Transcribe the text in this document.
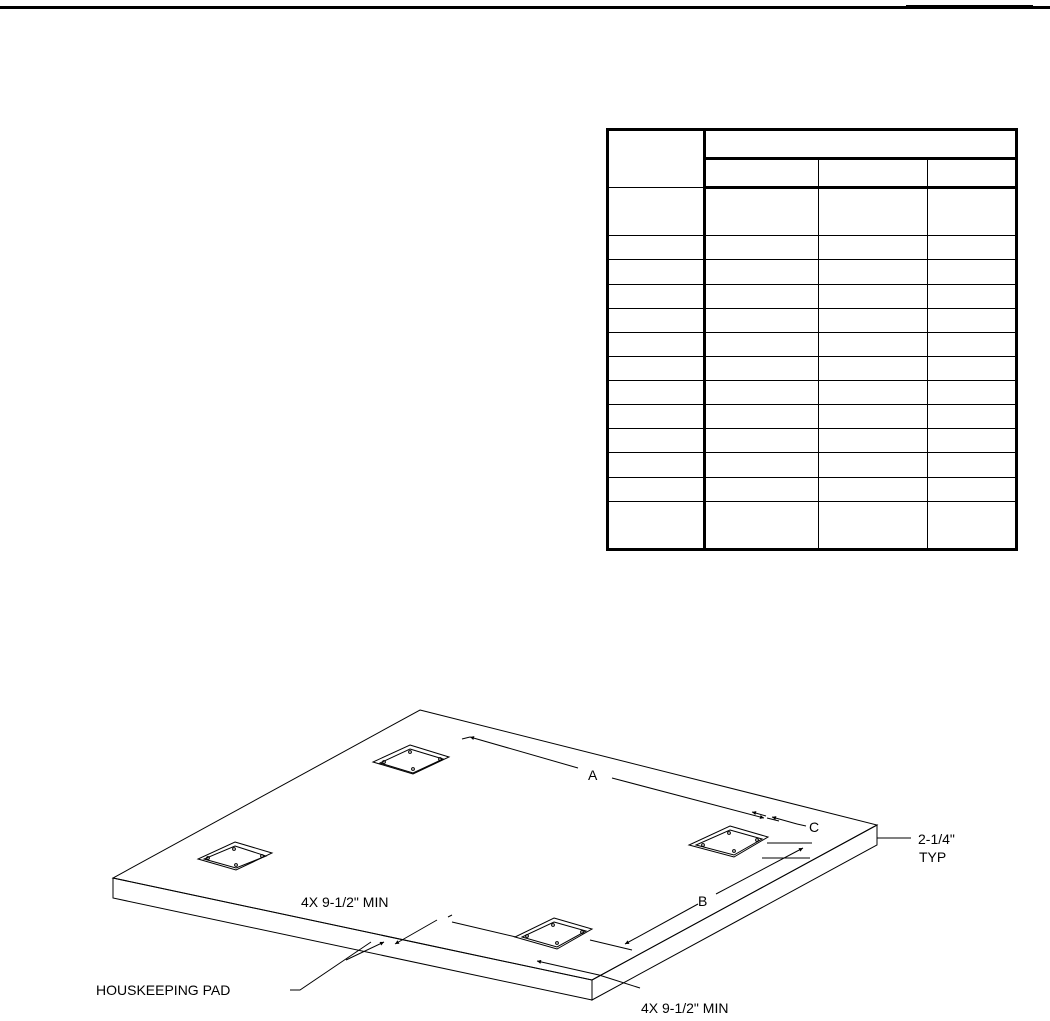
A
C
B
2-1/4"
TYP
4X 9-1/2" MIN
4X 9-1/2" MIN
HOUSKEEPING PAD
